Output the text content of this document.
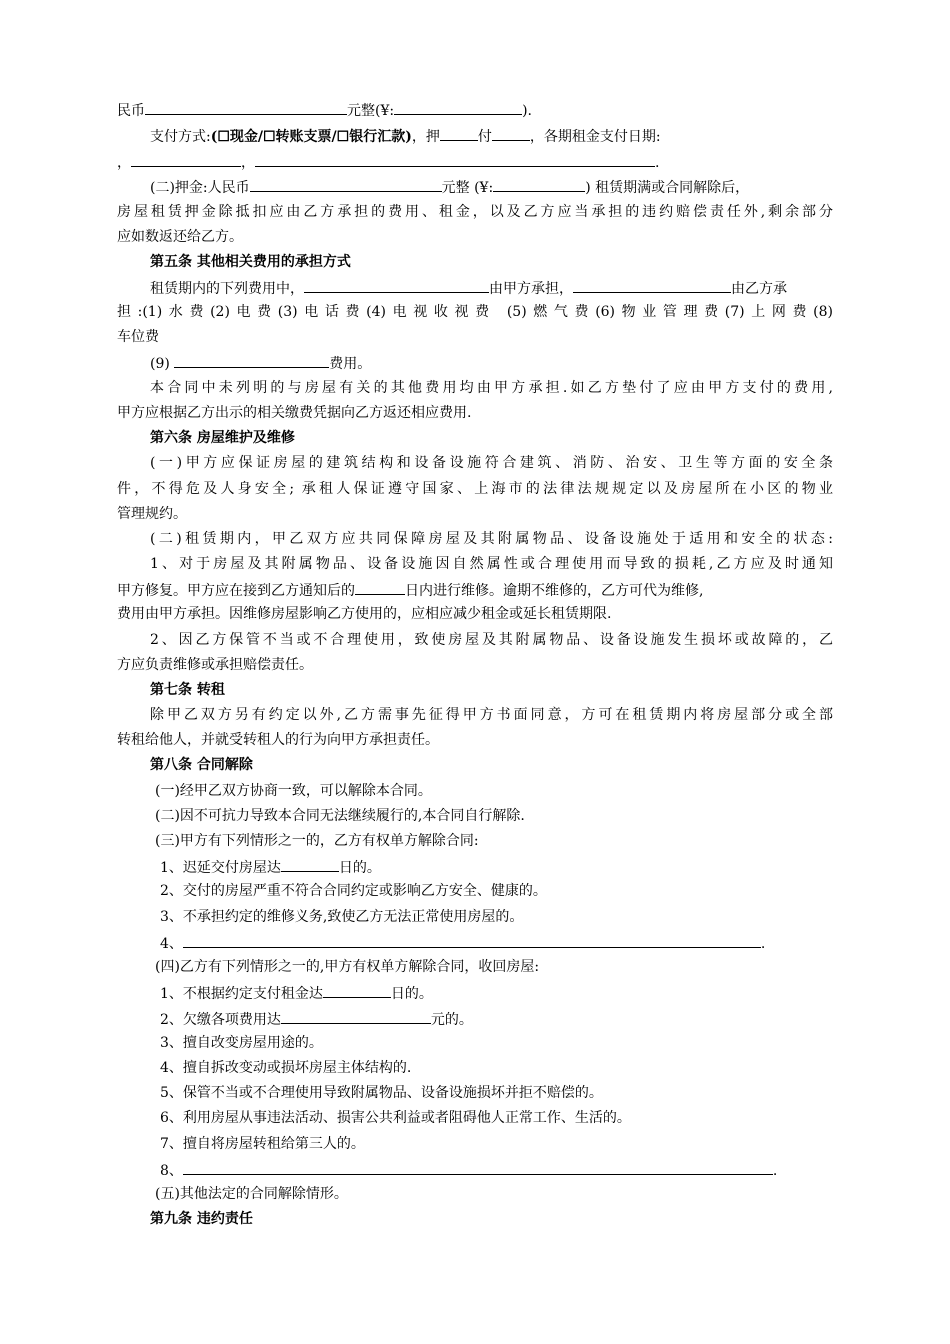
民币	元整(¥:	).
支付方式:(☐现金/☐转账支票/☐银行汇款)，押	付	，各期租金支付日期:
，	，	.
(二)押金:人民币	元整 (¥:	) 租赁期满或合同解除后，
房屋租赁押金除抵扣应由乙方承担的费用、租金，以及乙方应当承担的违约赔偿责任外,剩余部分
应如数返还给乙方。
第五条 其他相关费用的承担方式
租赁期内的下列费用中，	由甲方承担，	由乙方承
担:(1)水费(2)电费(3)电话费(4)电视收视费 (5)燃气费(6)物业管理费(7)上网费(8)
车位费
(9)	费用。
本合同中未列明的与房屋有关的其他费用均由甲方承担.如乙方垫付了应由甲方支付的费用,
甲方应根据乙方出示的相关缴费凭据向乙方返还相应费用.
第六条 房屋维护及维修
(一)甲方应保证房屋的建筑结构和设备设施符合建筑、消防、治安、卫生等方面的安全条
件，不得危及人身安全; 承租人保证遵守国家、上海市的法律法规规定以及房屋所在小区的物业
管理规约。
(二)租赁期内，甲乙双方应共同保障房屋及其附属物品、设备设施处于适用和安全的状态:
1、对于房屋及其附属物品、设备设施因自然属性或合理使用而导致的损耗,乙方应及时通知
甲方修复。甲方应在接到乙方通知后的	日内进行维修。逾期不维修的，乙方可代为维修,
费用由甲方承担。因维修房屋影响乙方使用的，应相应减少租金或延长租赁期限.
2、因乙方保管不当或不合理使用，致使房屋及其附属物品、设备设施发生损坏或故障的，乙
方应负责维修或承担赔偿责任。
第七条 转租
除甲乙双方另有约定以外,乙方需事先征得甲方书面同意，方可在租赁期内将房屋部分或全部
转租给他人，并就受转租人的行为向甲方承担责任。
第八条 合同解除
(一)经甲乙双方协商一致，可以解除本合同。
(二)因不可抗力导致本合同无法继续履行的,本合同自行解除.
(三)甲方有下列情形之一的，乙方有权单方解除合同:
1、迟延交付房屋达	日的。
2、交付的房屋严重不符合合同约定或影响乙方安全、健康的。
3、不承担约定的维修义务,致使乙方无法正常使用房屋的。
4、	.
(四)乙方有下列情形之一的,甲方有权单方解除合同，收回房屋:
1、不根据约定支付租金达	日的。
2、欠缴各项费用达	元的。
3、擅自改变房屋用途的。
4、擅自拆改变动或损坏房屋主体结构的.
5、保管不当或不合理使用导致附属物品、设备设施损坏并拒不赔偿的。
6、利用房屋从事违法活动、损害公共利益或者阻碍他人正常工作、生活的。
7、擅自将房屋转租给第三人的。
8、	.
(五)其他法定的合同解除情形。
第九条 违约责任
